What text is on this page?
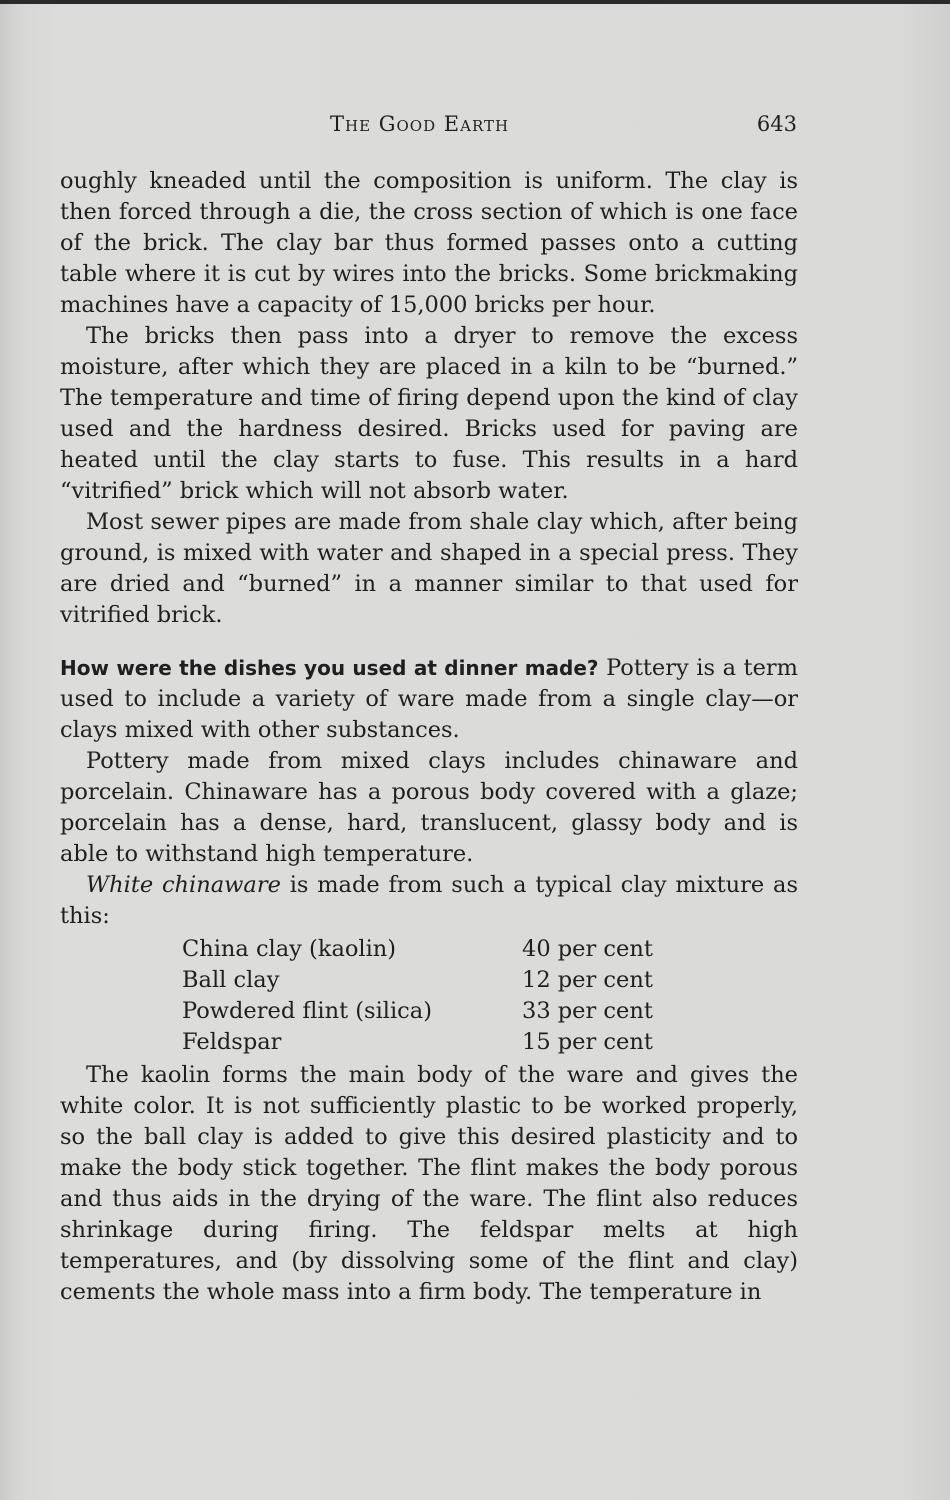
The Good Earth	643

oughly kneaded until the composition is uniform. The clay is then forced through a die, the cross section of which is one face of the brick. The clay bar thus formed passes onto a cutting table where it is cut by wires into the bricks. Some brickmaking machines have a capacity of 15,000 bricks per hour.

The bricks then pass into a dryer to remove the excess moisture, after which they are placed in a kiln to be “burned.” The temperature and time of firing depend upon the kind of clay used and the hardness desired. Bricks used for paving are heated until the clay starts to fuse. This results in a hard “vitrified” brick which will not absorb water.

Most sewer pipes are made from shale clay which, after being ground, is mixed with water and shaped in a special press. They are dried and “burned” in a manner similar to that used for vitrified brick.

How were the dishes you used at dinner made? Pottery is a term used to include a variety of ware made from a single clay—or clays mixed with other substances.

Pottery made from mixed clays includes chinaware and porcelain. Chinaware has a porous body covered with a glaze; porcelain has a dense, hard, translucent, glassy body and is able to withstand high temperature.

White chinaware is made from such a typical clay mixture as this:

China clay (kaolin)	40 per cent
Ball clay	12 per cent
Powdered flint (silica)	33 per cent
Feldspar	15 per cent

The kaolin forms the main body of the ware and gives the white color. It is not sufficiently plastic to be worked properly, so the ball clay is added to give this desired plasticity and to make the body stick together. The flint makes the body porous and thus aids in the drying of the ware. The flint also reduces shrinkage during firing. The feldspar melts at high temperatures, and (by dissolving some of the flint and clay) cements the whole mass into a firm body. The temperature in
